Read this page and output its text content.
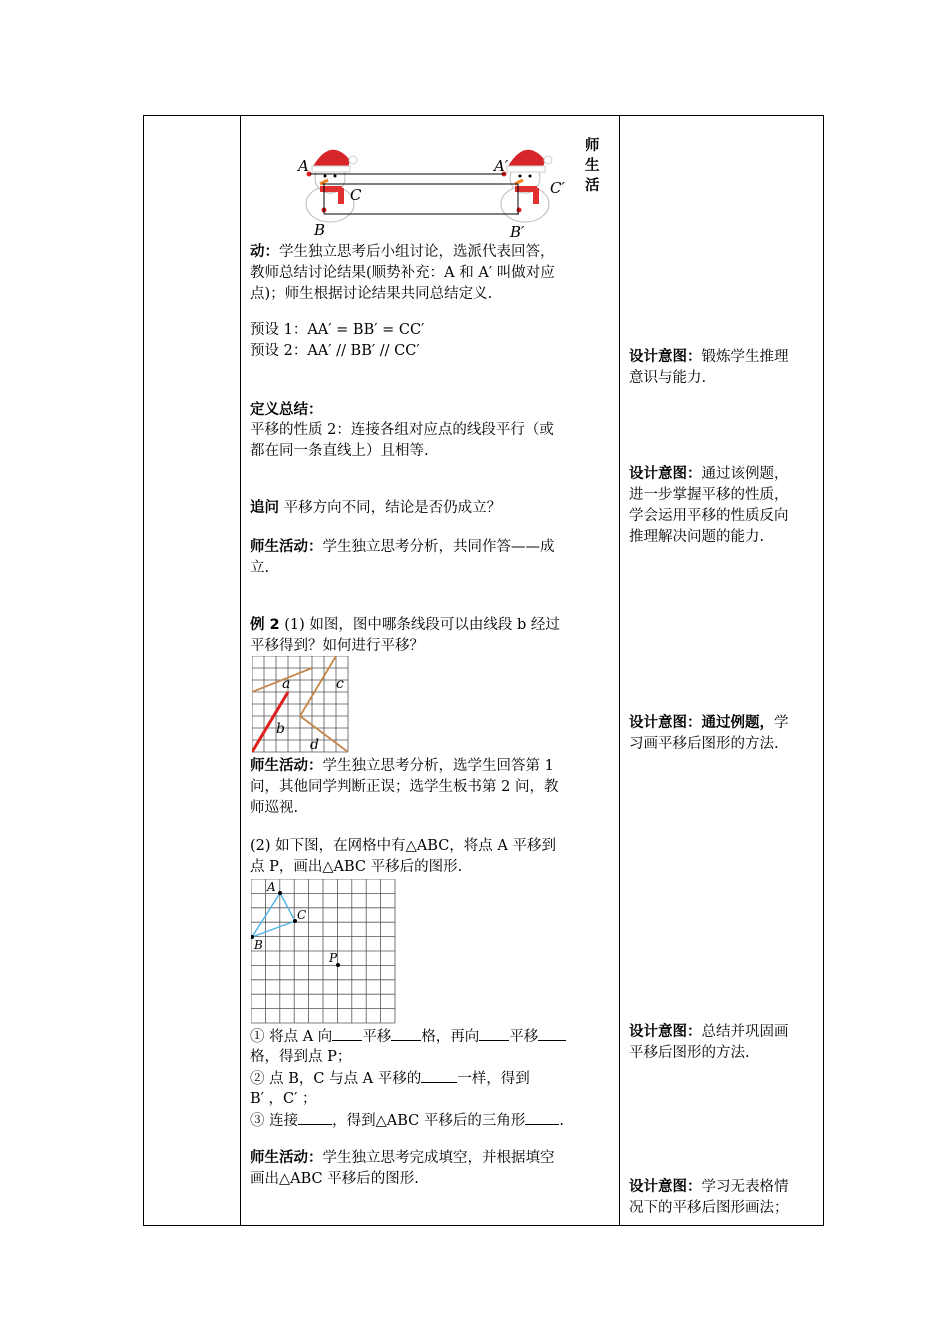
A
B
C
A′
B′
C′
师
生
活
动：学生独立思考后小组讨论，选派代表回答，
教师总结讨论结果(顺势补充：A 和 A′ 叫做对应
点)；师生根据讨论结果共同总结定义.
预设 1：AA′ = BB′ = CC′
预设 2：AA′ // BB′ // CC′
定义总结：
平移的性质 2：连接各组对应点的线段平行（或
都在同一条直线上）且相等.
追问 平移方向不同，结论是否仍成立？
师生活动：学生独立思考分析，共同作答——成
立.
例 2 (1) 如图，图中哪条线段可以由线段 b 经过
平移得到？如何进行平移？
a
b
c
d
师生活动：学生独立思考分析，选学生回答第 1
问，其他同学判断正误；选学生板书第 2 问，教
师巡视.
(2) 如下图，在网格中有△ABC，将点 A 平移到
点 P，画出△ABC 平移后的图形.
A
B
C
P
① 将点 A 向 平移 格，再向 平移
格，得到点 P；
② 点 B，C 与点 A 平移的 一样，得到
B′ ，C′ ；
③ 连接 ，得到△ABC 平移后的三角形 .
师生活动：学生独立思考完成填空，并根据填空
画出△ABC 平移后的图形.
设计意图：锻炼学生推理
意识与能力.
设计意图：通过该例题，
进一步掌握平移的性质，
学会运用平移的性质反向
推理解决问题的能力.
设计意图：通过例题，学
习画平移后图形的方法.
设计意图：总结并巩固画
平移后图形的方法.
设计意图：学习无表格情
况下的平移后图形画法；
